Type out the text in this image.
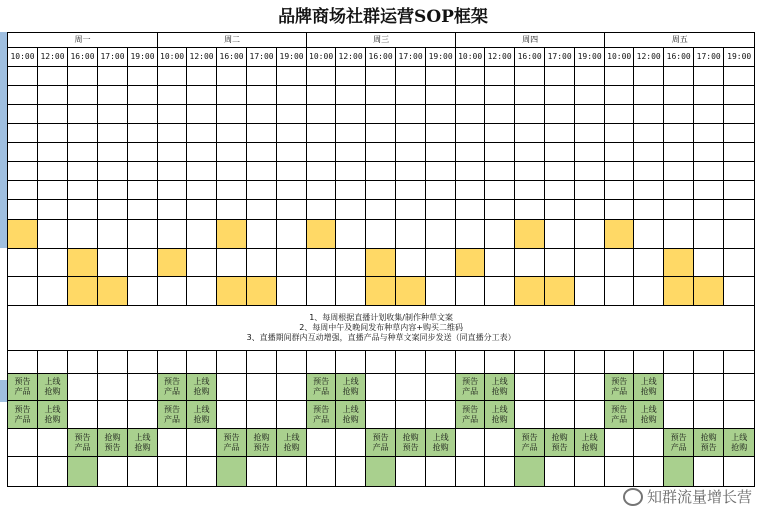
品牌商场社群运营SOP框架
周一					周二					周三					周四					周五				
10:00	12:00	16:00	17:00	19:00	10:00	12:00	16:00	17:00	19:00	10:00	12:00	16:00	17:00	19:00	10:00	12:00	16:00	17:00	19:00	10:00	12:00	16:00	17:00	19:00

1、每周根据直播计划收集/制作种草文案
2、每周中午及晚间发布种草内容+购买二维码
3、直播期间群内互动增强，直播产品与种草文案同步发送（同直播分工表）																								

预告产品	上线抢购				预告产品	上线抢购				预告产品	上线抢购				预告产品	上线抢购				预告产品	上线抢购			
预告产品	上线抢购				预告产品	上线抢购				预告产品	上线抢购				预告产品	上线抢购				预告产品	上线抢购			
		预告产品	抢购预告	上线抢购			预告产品	抢购预告	上线抢购			预告产品	抢购预告	上线抢购			预告产品	抢购预告	上线抢购			预告产品	抢购预告	上线抢购

知群流量增长营
